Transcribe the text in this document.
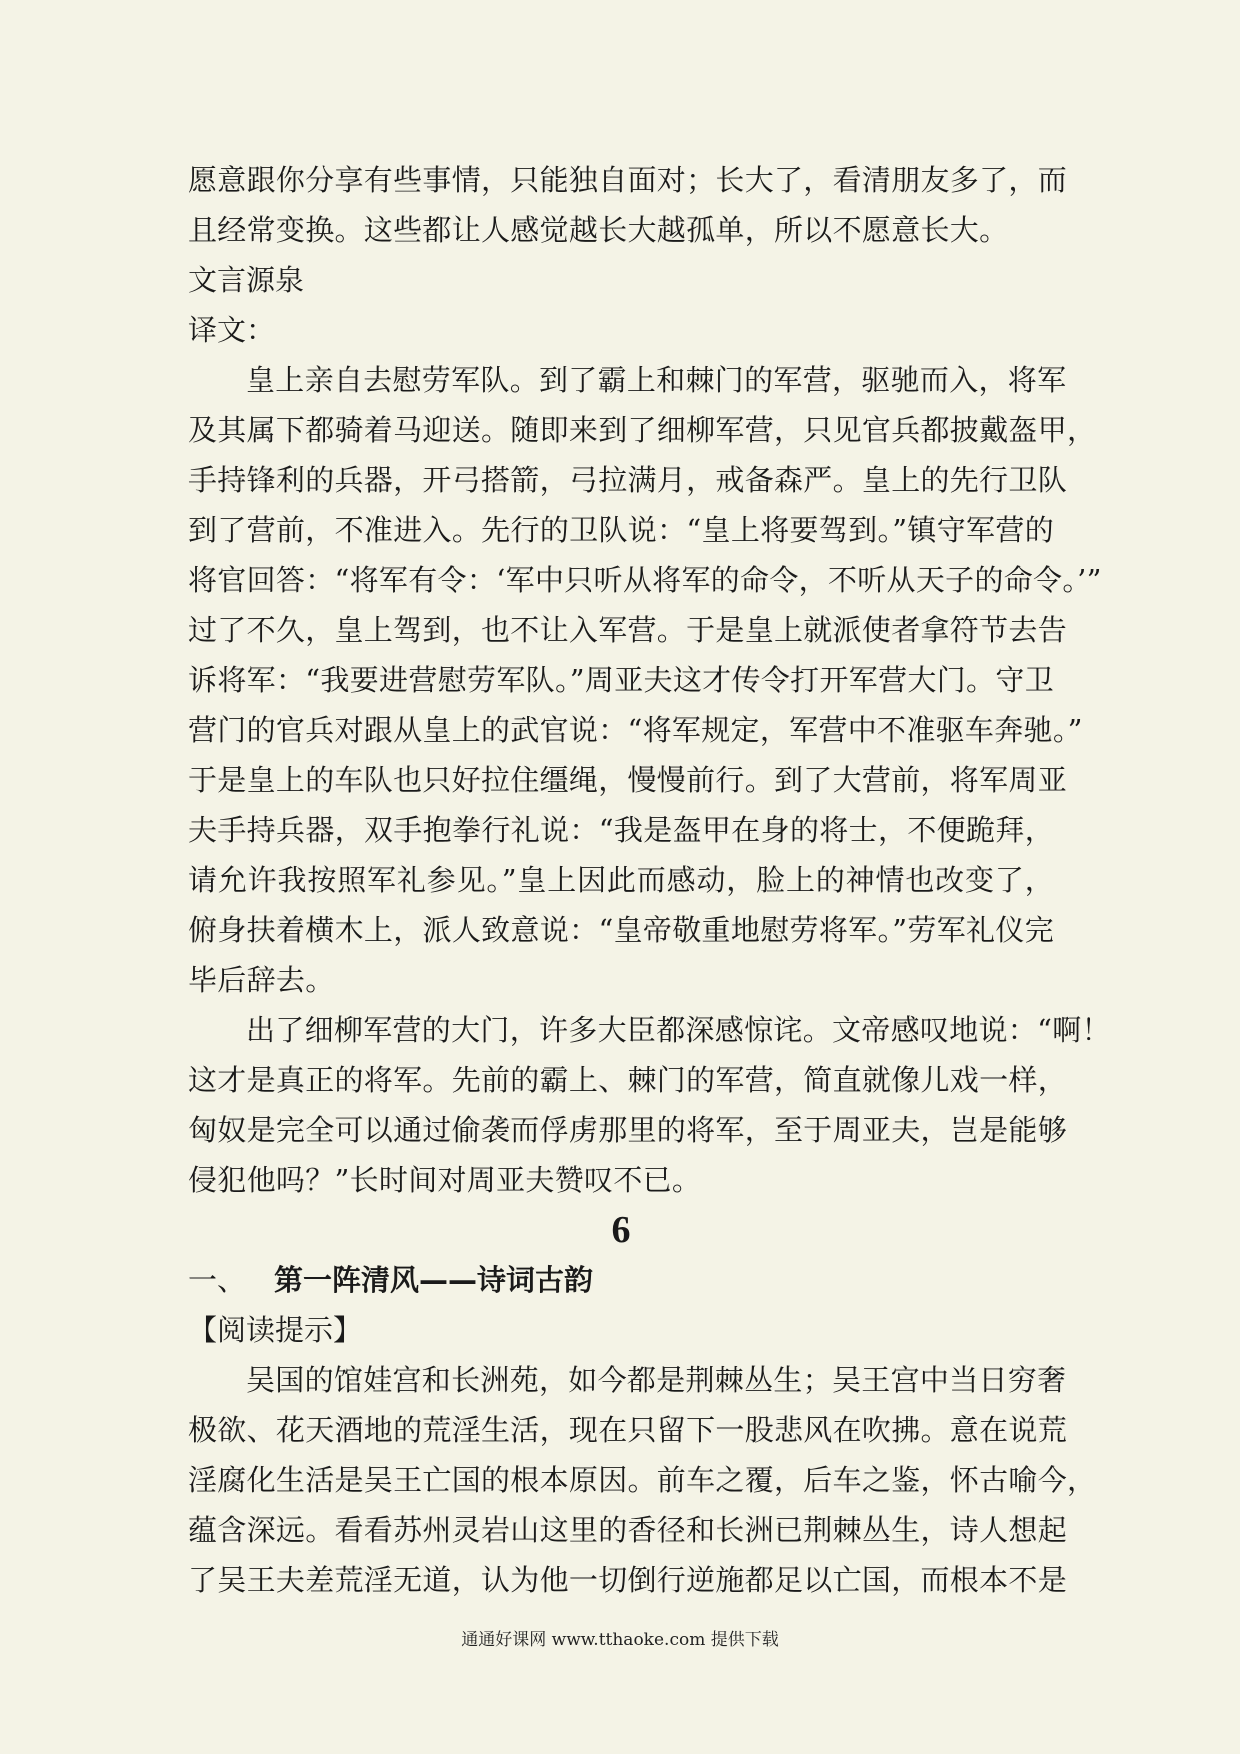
愿意跟你分享有些事情，只能独自面对；长大了，看清朋友多了，而
且经常变换。这些都让人感觉越长大越孤单，所以不愿意长大。
文言源泉
译文：
皇上亲自去慰劳军队。到了霸上和棘门的军营，驱驰而入，将军
及其属下都骑着马迎送。随即来到了细柳军营，只见官兵都披戴盔甲，
手持锋利的兵器，开弓搭箭，弓拉满月，戒备森严。皇上的先行卫队
到了营前，不准进入。先行的卫队说：“皇上将要驾到。”镇守军营的
将官回答：“将军有令：‘军中只听从将军的命令，不听从天子的命令。’”
过了不久，皇上驾到，也不让入军营。于是皇上就派使者拿符节去告
诉将军：“我要进营慰劳军队。”周亚夫这才传令打开军营大门。守卫
营门的官兵对跟从皇上的武官说：“将军规定，军营中不准驱车奔驰。”
于是皇上的车队也只好拉住缰绳，慢慢前行。到了大营前，将军周亚
夫手持兵器，双手抱拳行礼说：“我是盔甲在身的将士，不便跪拜，
请允许我按照军礼参见。”皇上因此而感动，脸上的神情也改变了，
俯身扶着横木上，派人致意说：“皇帝敬重地慰劳将军。”劳军礼仪完
毕后辞去。
出了细柳军营的大门，许多大臣都深感惊诧。文帝感叹地说：“啊！
这才是真正的将军。先前的霸上、棘门的军营，简直就像儿戏一样，
匈奴是完全可以通过偷袭而俘虏那里的将军，至于周亚夫，岂是能够
侵犯他吗？”长时间对周亚夫赞叹不已。
6
一、 第一阵清风——诗词古韵
【阅读提示】
吴国的馆娃宫和长洲苑，如今都是荆棘丛生；吴王宫中当日穷奢
极欲、花天酒地的荒淫生活，现在只留下一股悲风在吹拂。意在说荒
淫腐化生活是吴王亡国的根本原因。前车之覆，后车之鉴，怀古喻今，
蕴含深远。看看苏州灵岩山这里的香径和长洲已荆棘丛生，诗人想起
了吴王夫差荒淫无道，认为他一切倒行逆施都足以亡国，而根本不是
通通好课网 www.tthaoke.com 提供下载
